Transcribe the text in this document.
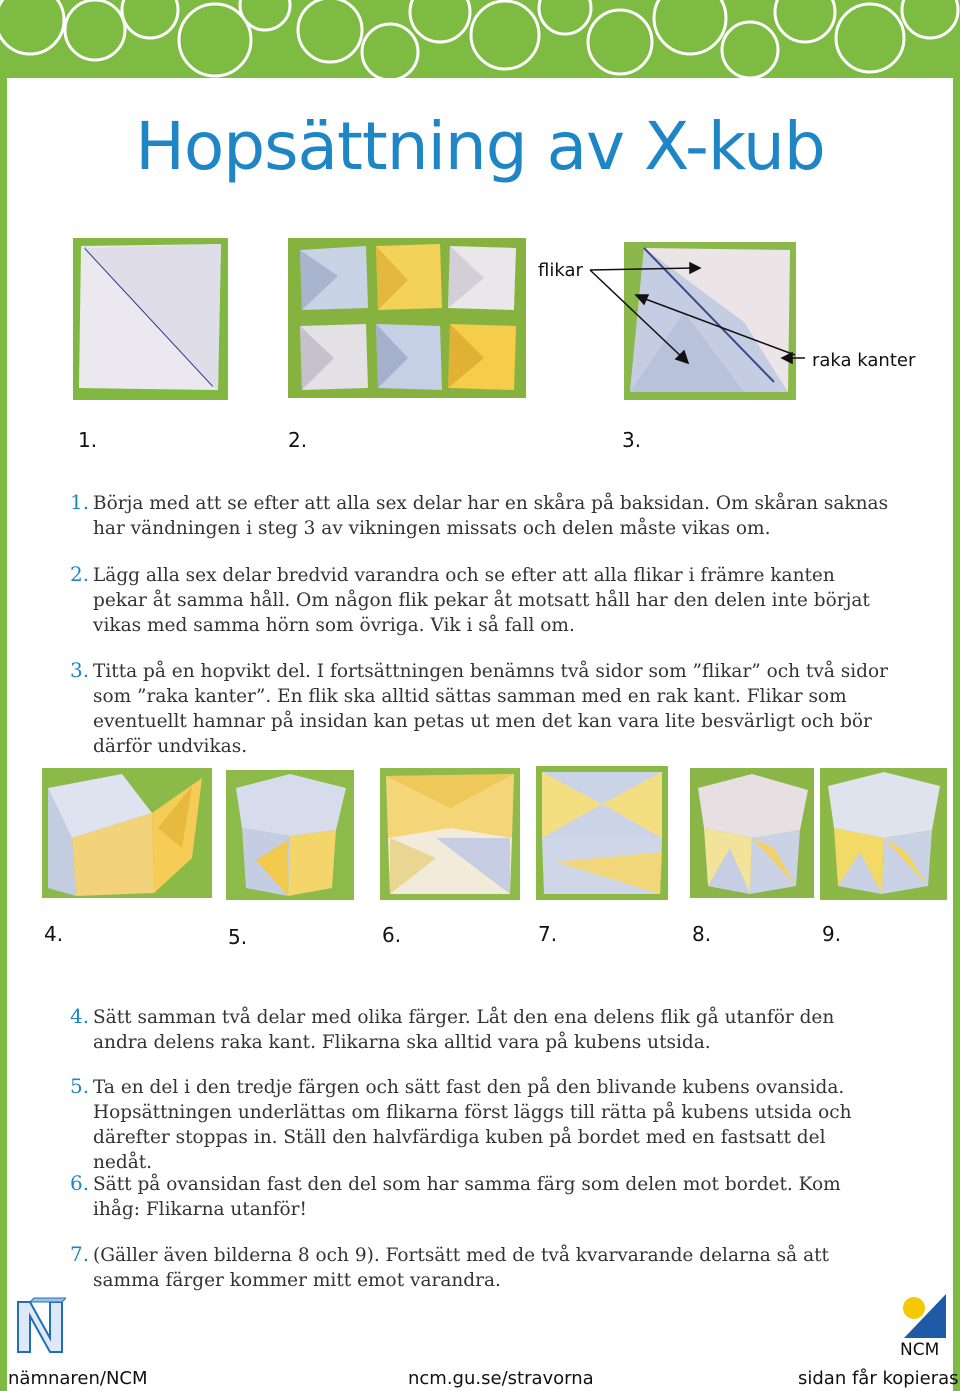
Hopsättning av X-kub
flikar
raka kanter
1.	2.	3.
1. Börja med att se efter att alla sex delar har en skåra på baksidan. Om skåran saknas har vändningen i steg 3 av vikningen missats och delen måste vikas om.
2. Lägg alla sex delar bredvid varandra och se efter att alla flikar i främre kanten pekar åt samma håll. Om någon flik pekar åt motsatt håll har den delen inte börjat vikas med samma hörn som övriga. Vik i så fall om.
3. Titta på en hopvikt del. I fortsättningen benämns två sidor som ”flikar” och två sidor som ”raka kanter”. En flik ska alltid sättas samman med en rak kant. Flikar som eventuellt hamnar på insidan kan petas ut men det kan vara lite besvärligt och bör därför undvikas.
4.	5.	6.	7.	8.	9.
4. Sätt samman två delar med olika färger. Låt den ena delens flik gå utanför den andra delens raka kant. Flikarna ska alltid vara på kubens utsida.
5. Ta en del i den tredje färgen och sätt fast den på den blivande kubens ovansida. Hopsättningen underlättas om flikarna först läggs till rätta på kubens utsida och därefter stoppas in. Ställ den halvfärdiga kuben på bordet med en fastsatt del nedåt.
6. Sätt på ovansidan fast den del som har samma färg som delen mot bordet. Kom ihåg: Flikarna utanför!
7. (Gäller även bilderna 8 och 9). Fortsätt med de två kvarvarande delarna så att samma färger kommer mitt emot varandra.
NCM
nämnaren/NCM	ncm.gu.se/stravorna	sidan får kopieras
